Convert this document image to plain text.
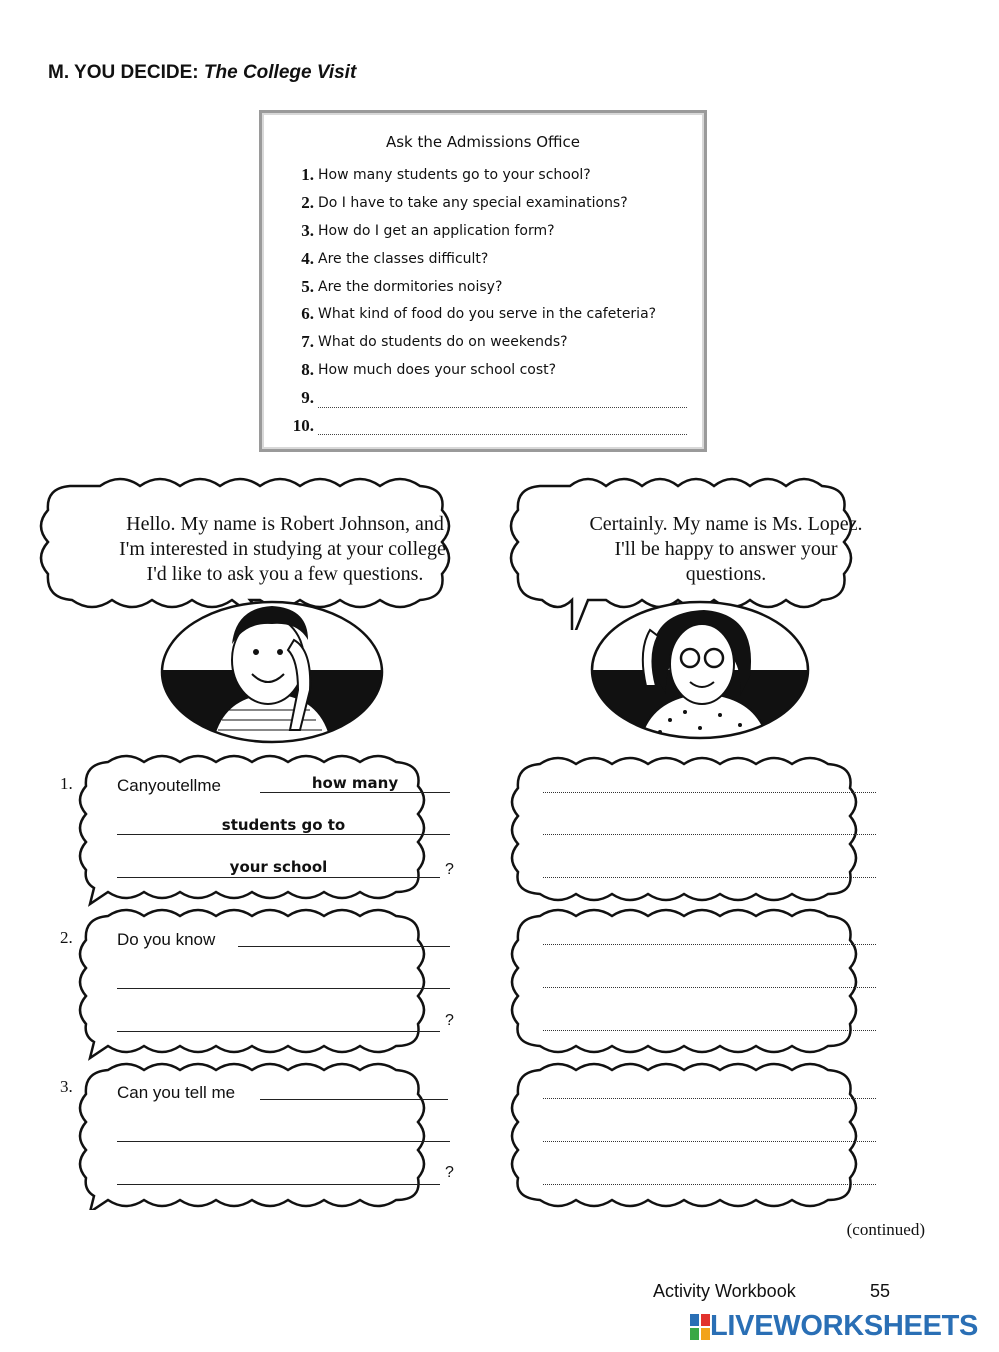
M. YOU DECIDE: The College Visit
Ask the Admissions Office
1. How many students go to your school?
2. Do I have to take any special examinations?
3. How do I get an application form?
4. Are the classes difficult?
5. Are the dormitories noisy?
6. What kind of food do you serve in the cafeteria?
7. What do students do on weekends?
8. How much does your school cost?
9.
10.
Hello. My name is Robert Johnson, and
I'm interested in studying at your college.
I'd like to ask you a few questions.
Certainly. My name is Ms. Lopez.
I'll be happy to answer your
questions.
1.	Canyoutellme	how many
students go to
your school	?
2.	Do you know
?
3.	Can you tell me
?
(continued)
Activity Workbook	55
LIVEWORKSHEETS
